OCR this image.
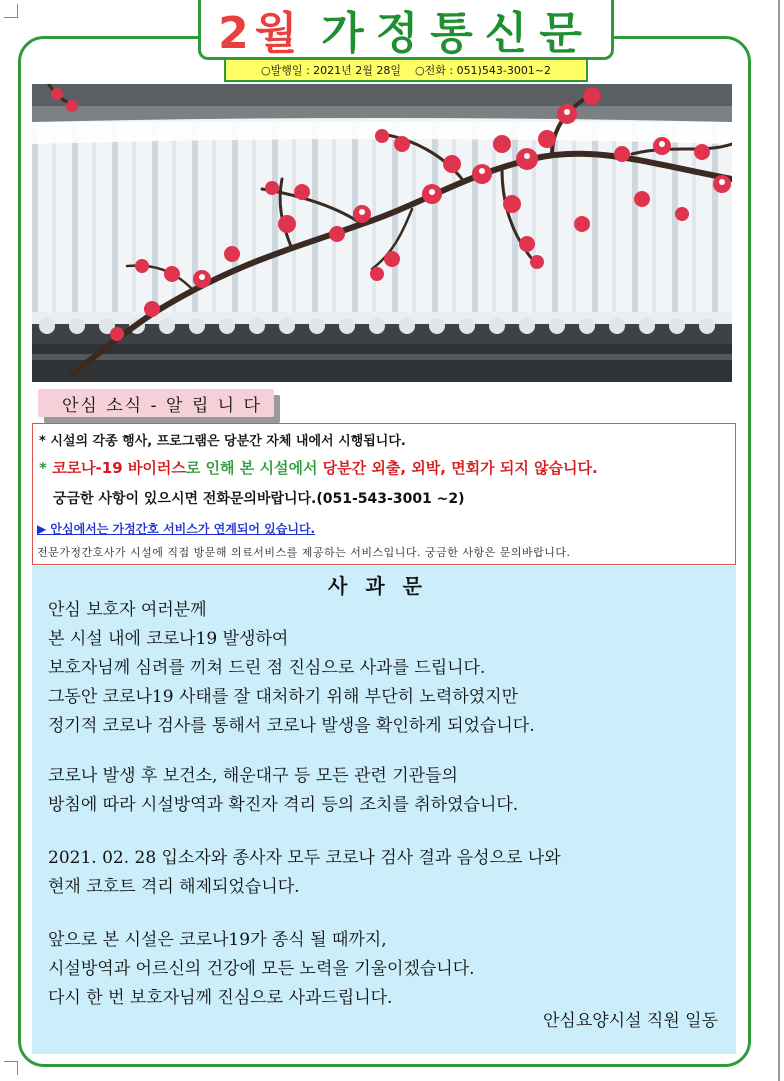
2월 가정통신문
○발행일 : 2021년 2월 28일 ○전화 : 051)543-3001~2
안심 소식 - 알 립 니 다
* 시설의 각종 행사, 프로그램은 당분간 자체 내에서 시행됩니다.
* 코로나-19 바이러스로 인해 본 시설에서 당분간 외출, 외박, 면회가 되지 않습니다.
궁금한 사항이 있으시면 전화문의바랍니다.(051-543-3001 ~2)
▶ 안심에서는 가정간호 서비스가 연계되어 있습니다.
전문가정간호사가 시설에 직접 방문해 의료서비스를 제공하는 서비스입니다. 궁금한 사항은 문의바랍니다.
사과문
안심 보호자 여러분께
본 시설 내에 코로나19 발생하여
보호자님께 심려를 끼쳐 드린 점 진심으로 사과를 드립니다.
그동안 코로나19 사태를 잘 대처하기 위해 부단히 노력하였지만
정기적 코로나 검사를 통해서 코로나 발생을 확인하게 되었습니다.
코로나 발생 후 보건소, 해운대구 등 모든 관련 기관들의
방침에 따라 시설방역과 확진자 격리 등의 조치를 취하였습니다.
2021. 02. 28 입소자와 종사자 모두 코로나 검사 결과 음성으로 나와
현재 코호트 격리 해제되었습니다.
앞으로 본 시설은 코로나19가 종식 될 때까지,
시설방역과 어르신의 건강에 모든 노력을 기울이겠습니다.
다시 한 번 보호자님께 진심으로 사과드립니다.
안심요양시설 직원 일동
